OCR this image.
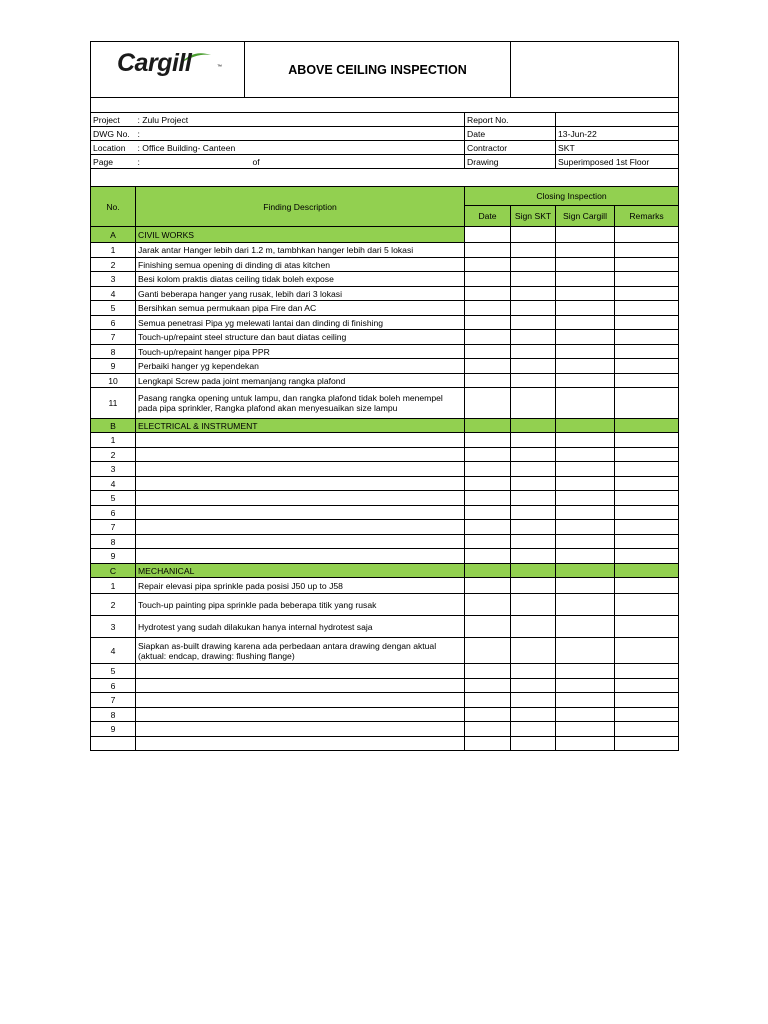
Cargill ™		ABOVE CEILING INSPECTION				

Project	: Zulu Project		Report No.			
DWG No.	:		Date		13-Jun-22	
Location	: Office Building- Canteen		Contractor		SKT	
Page	:	of	Drawing		Superimposed 1st Floor	

No.	Finding Description		Closing Inspection			
			Date	Sign SKT	Sign Cargill	Remarks
A	CIVIL WORKS					
1	Jarak antar Hanger lebih dari 1.2 m, tambhkan hanger lebih dari 5 lokasi					
2	Finishing semua opening di dinding di atas kitchen					
3	Besi kolom praktis diatas ceiling tidak boleh expose					
4	Ganti beberapa hanger yang rusak, lebih dari 3 lokasi					
5	Bersihkan semua permukaan pipa Fire dan AC					
6	Semua penetrasi Pipa yg melewati lantai dan dinding di finishing					
7	Touch-up/repaint steel structure dan baut diatas ceiling					
8	Touch-up/repaint hanger pipa PPR					
9	Perbaiki hanger yg kependekan					
10	Lengkapi Screw pada joint memanjang rangka plafond					
11	Pasang rangka opening untuk lampu, dan rangka plafond tidak boleh menempel pada pipa sprinkler, Rangka plafond akan menyesuaikan size lampu					
B	ELECTRICAL & INSTRUMENT					
1						
2						
3						
4						
5						
6						
7						
8						
9						
C	MECHANICAL					
1	Repair elevasi pipa sprinkle pada posisi J50 up to J58					
2	Touch-up painting pipa sprinkle pada beberapa titik yang rusak					
3	Hydrotest yang sudah dilakukan hanya internal hydrotest saja					
4	Siapkan as-built drawing karena ada perbedaan antara drawing dengan aktual (aktual: endcap, drawing: flushing flange)					
5						
6						
7						
8						
9						
